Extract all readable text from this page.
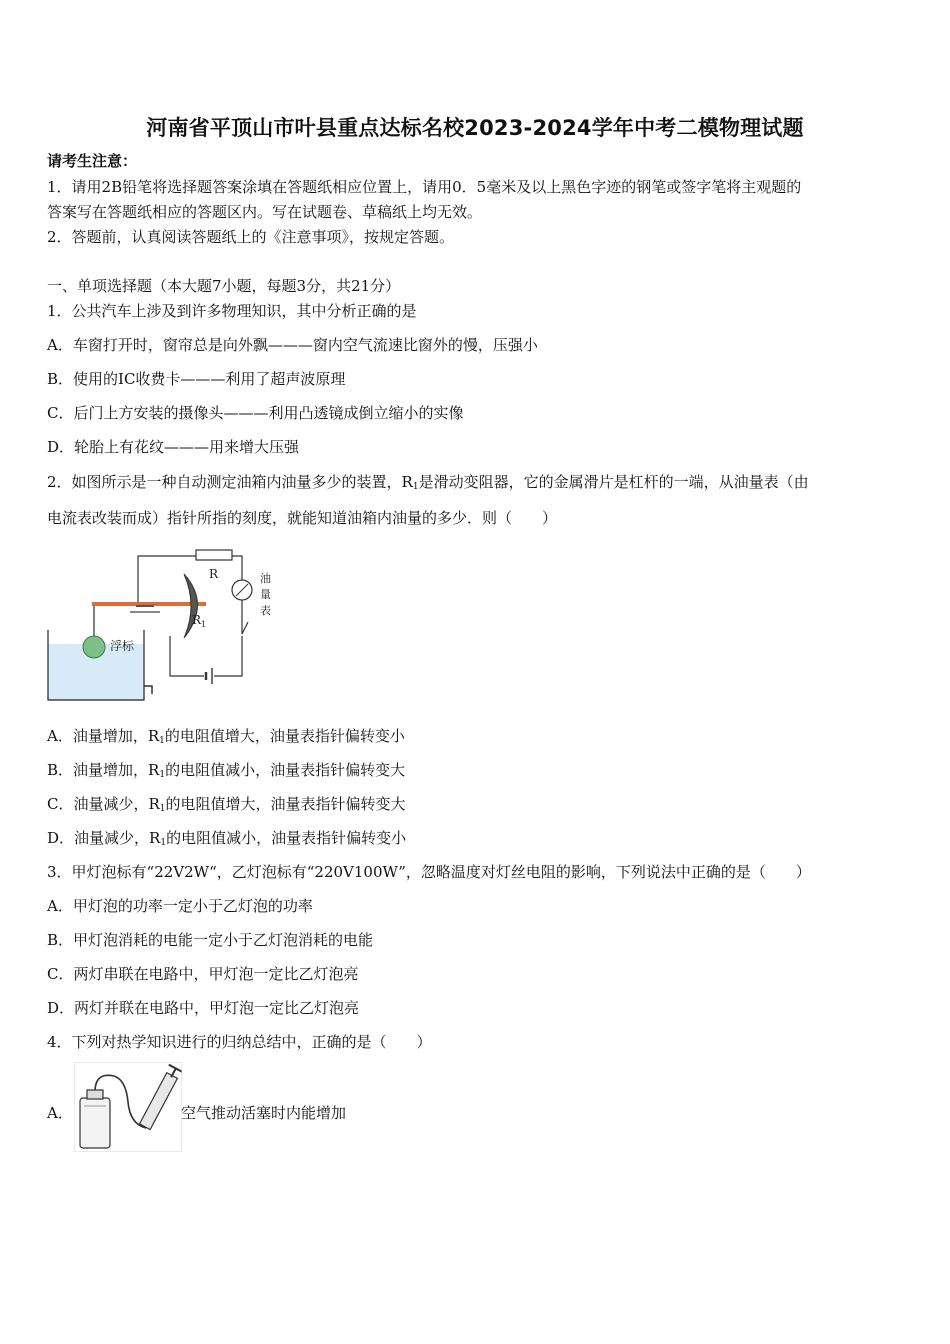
河南省平顶山市叶县重点达标名校2023-2024学年中考二模物理试题
请考生注意：
1．请用2B铅笔将选择题答案涂填在答题纸相应位置上，请用0．5毫米及以上黑色字迹的钢笔或签字笔将主观题的
答案写在答题纸相应的答题区内。写在试题卷、草稿纸上均无效。
2．答题前，认真阅读答题纸上的《注意事项》，按规定答题。
一、单项选择题（本大题7小题，每题3分，共21分）
1．公共汽车上涉及到许多物理知识，其中分析正确的是
A．车窗打开时，窗帘总是向外飘———窗内空气流速比窗外的慢，压强小
B．使用的IC收费卡———利用了超声波原理
C．后门上方安装的摄像头———利用凸透镜成倒立缩小的实像
D．轮胎上有花纹———用来增大压强
2．如图所示是一种自动测定油箱内油量多少的装置，$R_1$是滑动变阻器，它的金属滑片是杠杆的一端，从油量表（由
电流表改装而成）指针所指的刻度，就能知道油箱内油量的多少．则（　　）
浮标
$R_1$
R	油
量
表
A．油量增加，$R_1$的电阻值增大，油量表指针偏转变小
B．油量增加，$R_1$的电阻值减小，油量表指针偏转变大
C．油量减少，$R_1$的电阻值增大，油量表指针偏转变大
D．油量减少，$R_1$的电阻值减小，油量表指针偏转变小
3．甲灯泡标有“22V2W“，乙灯泡标有“220V100W”，忽略温度对灯丝电阻的影响，下列说法中正确的是（　　）
A．甲灯泡的功率一定小于乙灯泡的功率
B．甲灯泡消耗的电能一定小于乙灯泡消耗的电能
C．两灯串联在电路中，甲灯泡一定比乙灯泡亮
D．两灯并联在电路中，甲灯泡一定比乙灯泡亮
4．下列对热学知识进行的归纳总结中，正确的是（　　）
A．	空气推动活塞时内能增加
